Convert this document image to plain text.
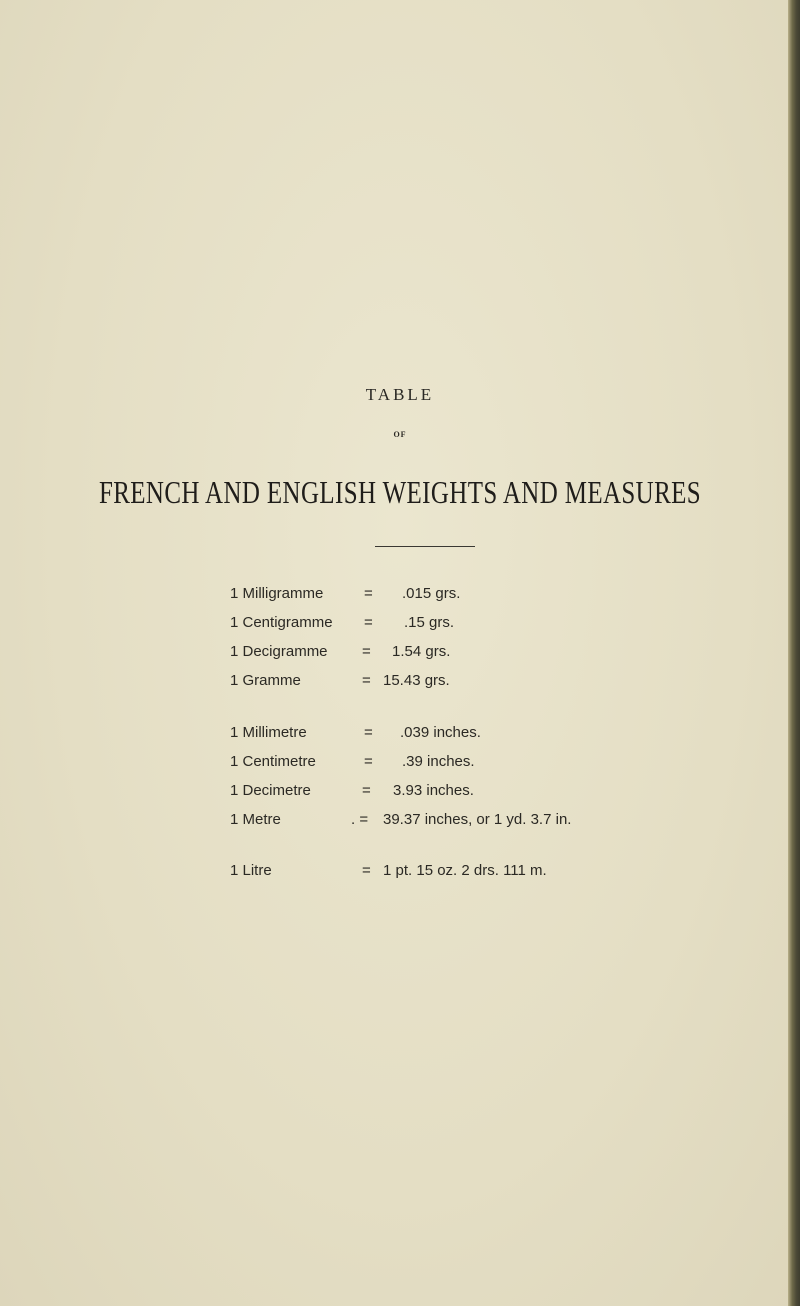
TABLE
OF
FRENCH AND ENGLISH WEIGHTS AND MEASURES
1 Milligramme	= .015 grs.
1 Centigramme = .15 grs.
1 Decigramme = 1.54 grs.
1 Gramme	= 15.43 grs.
1 Millimetre	= .039 inches.
1 Centimetre	= .39 inches.
1 Decimetre	= 3.93 inches.
1 Metre	. = 39.37 inches, or 1 yd. 3.7 in.
1 Litre	= 1 pt. 15 oz. 2 drs. 111 m.
